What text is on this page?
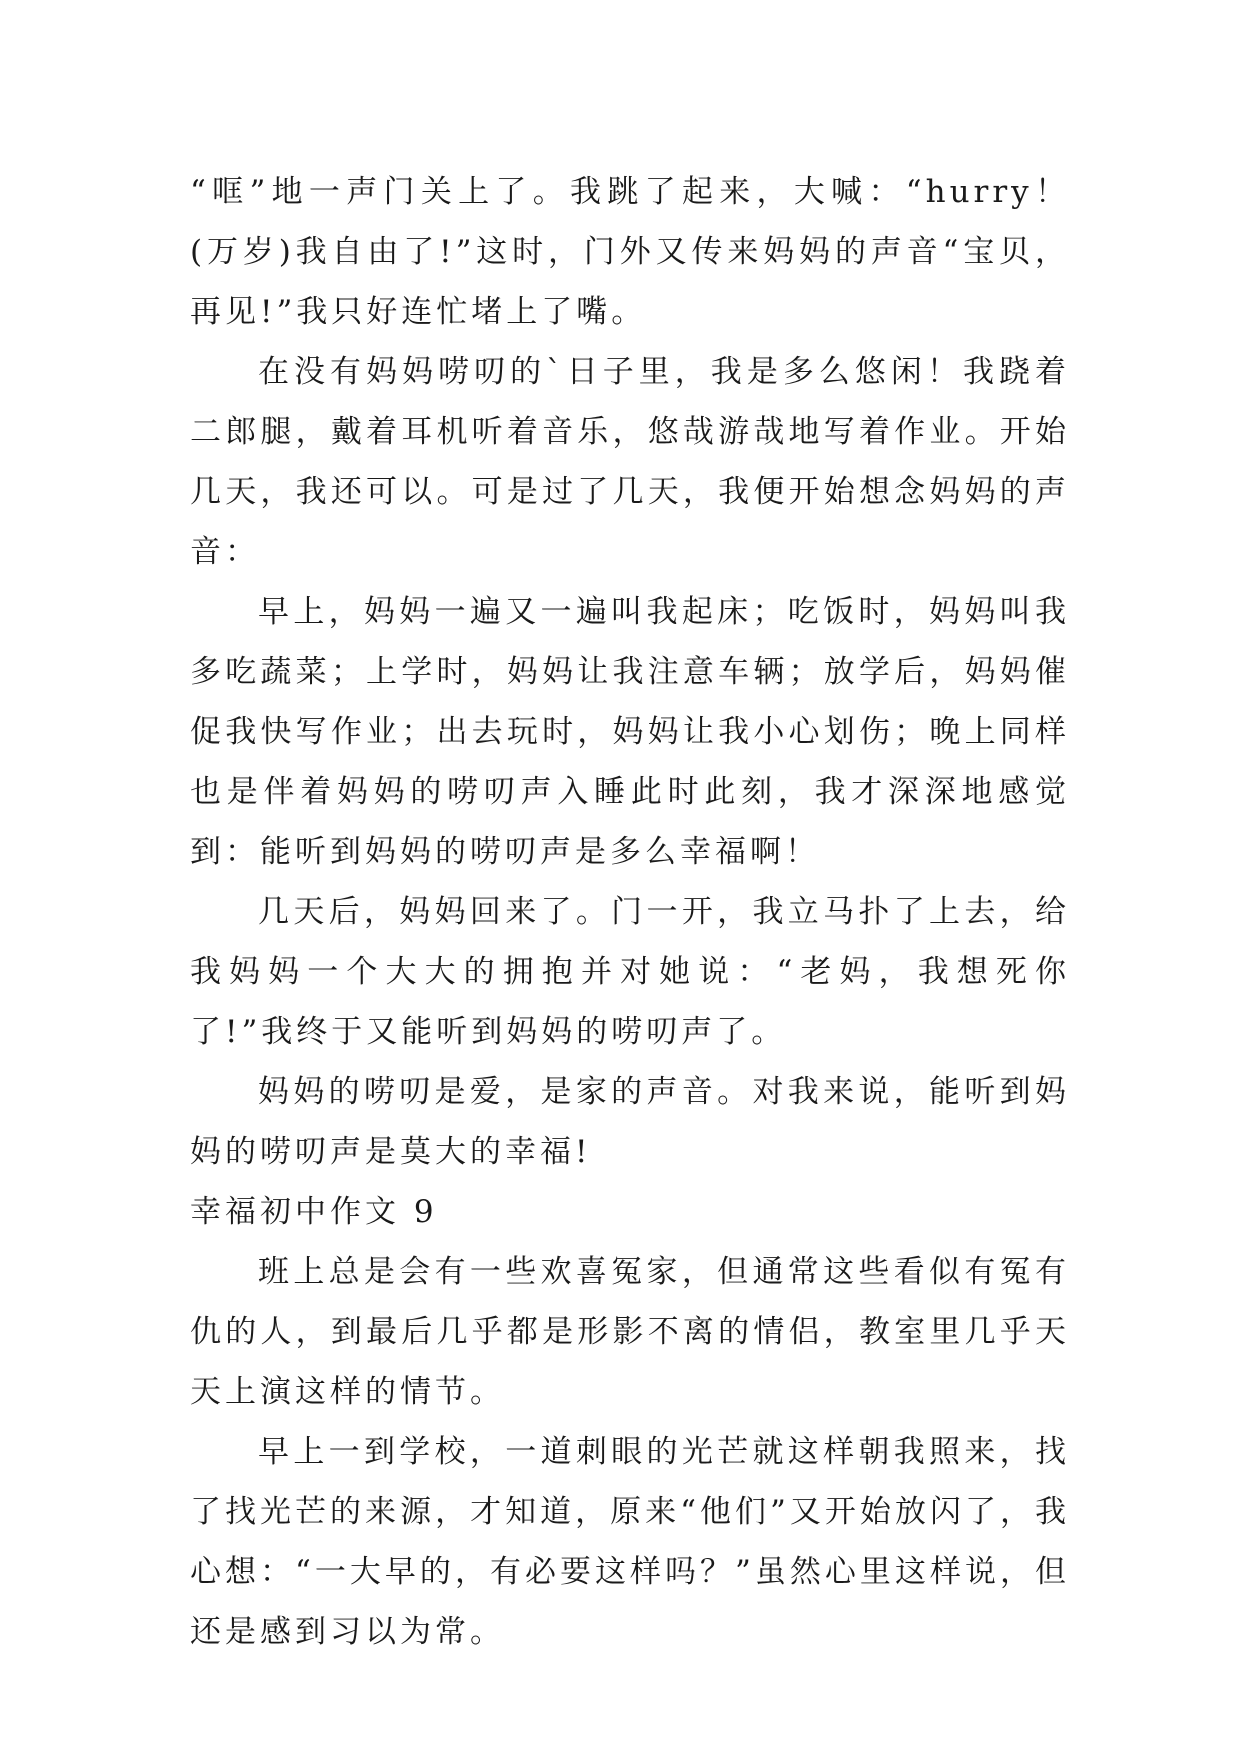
“哐”地一声门关上了。我跳了起来，大喊：“hurry！(万岁)我自由了!”这时，门外又传来妈妈的声音“宝贝，再见!”我只好连忙堵上了嘴。

在没有妈妈唠叨的`日子里，我是多么悠闲！我跷着二郎腿，戴着耳机听着音乐，悠哉游哉地写着作业。开始几天，我还可以。可是过了几天，我便开始想念妈妈的声音：

早上，妈妈一遍又一遍叫我起床；吃饭时，妈妈叫我多吃蔬菜；上学时，妈妈让我注意车辆；放学后，妈妈催促我快写作业；出去玩时，妈妈让我小心划伤；晚上同样也是伴着妈妈的唠叨声入睡此时此刻，我才深深地感觉到：能听到妈妈的唠叨声是多么幸福啊！

几天后，妈妈回来了。门一开，我立马扑了上去，给我妈妈一个大大的拥抱并对她说：“老妈，我想死你了!”我终于又能听到妈妈的唠叨声了。

妈妈的唠叨是爱，是家的声音。对我来说，能听到妈妈的唠叨声是莫大的幸福!

幸福初中作文 9

班上总是会有一些欢喜冤家，但通常这些看似有冤有仇的人，到最后几乎都是形影不离的情侣，教室里几乎天天上演这样的情节。

早上一到学校，一道刺眼的光芒就这样朝我照来，找了找光芒的来源，才知道，原来“他们”又开始放闪了，我心想：“一大早的，有必要这样吗？”虽然心里这样说，但还是感到习以为常。
